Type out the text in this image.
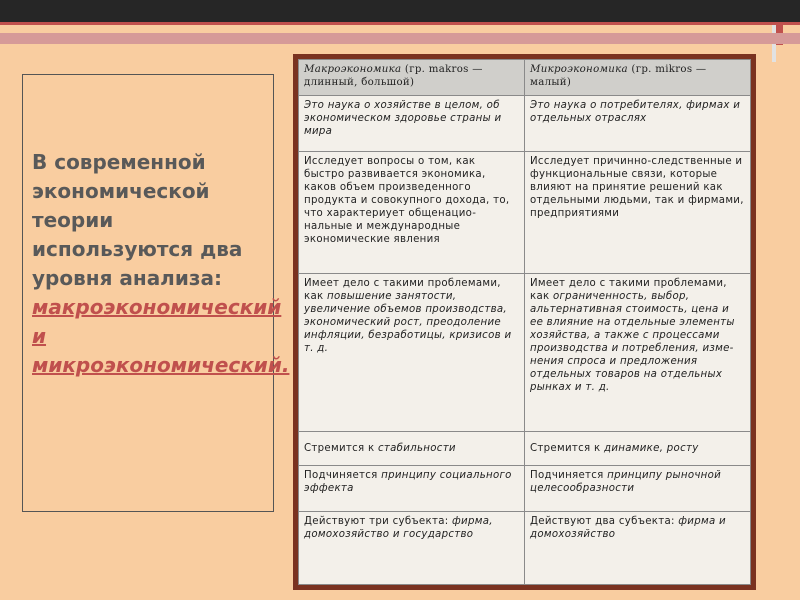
В современной экономической теории используются два уровня анализа: макроэкономический и микроэкономический.
Макроэкономика (гр. makros — длинный, большой)	Микроэкономика (гр. mikros — малый)
Это наука о хозяйстве в целом, об экономическом здоровье страны и мира	Это наука о потребителях, фирмах и отдельных отраслях
Исследует вопросы о том, как быстро развивается экономика, каков объем произведенного продукта и совокупного дохода, то, что характериует общенациональные и международные экономические явления	Исследует причинно-следственные и функциональные связи, которые влияют на принятие решений как отдельными людьми, так и фирмами, предприятиями
Имеет дело с такими проблемами, как повышение занятости, увеличение объемов производства, экономический рост, преодоление инфляции, безработицы, кризисов и т. д.	Имеет дело с такими проблемами, как ограниченность, выбор, альтернативная стоимость, цена и ее влияние на отдельные элементы хозяйства, а также с процессами производства и потребления, изменения спроса и предложения отдельных товаров на отдельных рынках и т. д.
Стремится к стабильности	Стремится к динамике, росту
Подчиняется принципу социального эффекта	Подчиняется принципу рыночной целесообразности
Действуют три субъекта: фирма, домохозяйство и государство	Действуют два субъекта: фирма и домохозяйство
